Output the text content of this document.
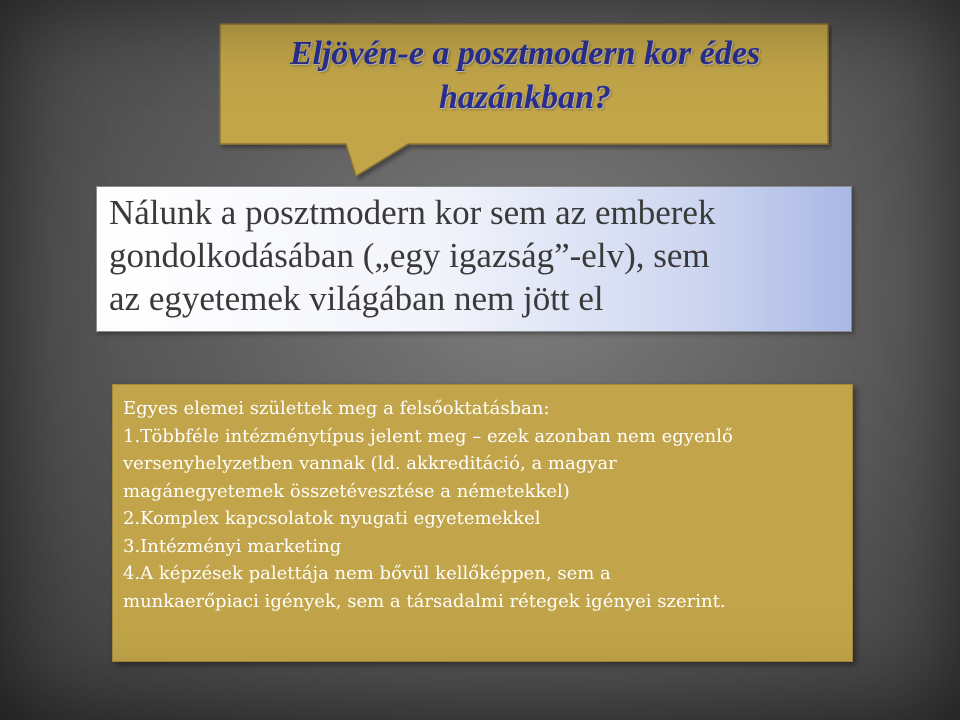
Eljövén-e a posztmodern kor édes
hazánkban?
Nálunk a posztmodern kor sem az emberek
gondolkodásában („egy igazság”-elv), sem
az egyetemek világában nem jött el
Egyes elemei születtek meg a felsőoktatásban:
1.Többféle intézménytípus jelent meg – ezek azonban nem egyenlő
versenyhelyzetben vannak (ld. akkreditáció, a magyar
magánegyetemek összetévesztése a németekkel)
2.Komplex kapcsolatok nyugati egyetemekkel
3.Intézményi marketing
4.A képzések palettája nem bővül kellőképpen, sem a
munkaerőpiaci igények, sem a társadalmi rétegek igényei szerint.
